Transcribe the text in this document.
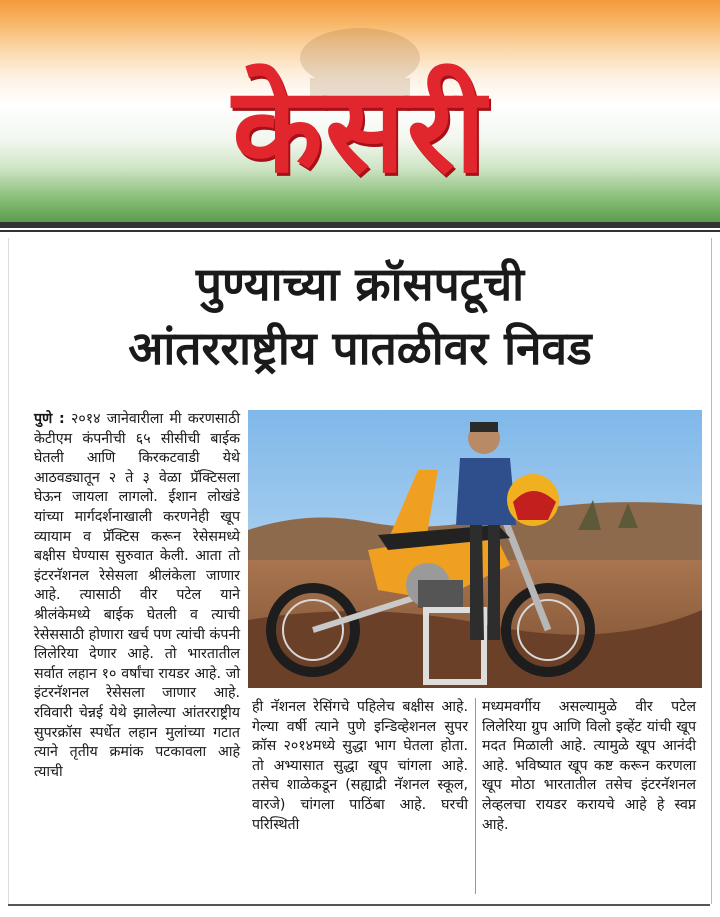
केसरी
पुण्याच्या क्रॉसपटूची
आंतरराष्ट्रीय पातळीवर निवड

पुणे : २०१४ जानेवारीला मी करणसाठी केटीएम कंपनीची ६५ सीसीची बाईक घेतली आणि किरकटवाडी येथे आठवड्यातून २ ते ३ वेळा प्रॅक्टिसला घेऊन जायला लागलो. ईशान लोखंडे यांच्या मार्गदर्शनाखाली करणनेही खूप व्यायाम व प्रॅक्टिस करून रेसेसमध्ये बक्षीस घेण्यास सुरुवात केली. आता तो इंटरनॅशनल रेसेसला श्रीलंकेला जाणार आहे. त्यासाठी वीर पटेल याने श्रीलंकेमध्ये बाईक घेतली व त्याची रेसेससाठी होणारा खर्च पण त्यांची कंपनी लिलेरिया देणार आहे. तो भारतातील सर्वात लहान १० वर्षांचा रायडर आहे. जो इंटरनॅशनल रेसेसला जाणार आहे. रविवारी चेन्नई येथे झालेल्या आंतरराष्ट्रीय सुपरक्रॉस स्पर्धेत लहान मुलांच्या गटात त्याने तृतीय क्रमांक पटकावला आहे त्याची

ही नॅशनल रेसिंगचे पहिलेच बक्षीस आहे. गेल्या वर्षी त्याने पुणे इन्डिव्हेशनल सुपर क्रॉस २०१४मध्ये सुद्धा भाग घेतला होता. तो अभ्यासात सुद्धा खूप चांगला आहे. तसेच शाळेकडून (सह्याद्री नॅशनल स्कूल, वारजे) चांगला पाठिंबा आहे. घरची परिस्थिती

मध्यमवर्गीय असल्यामुळे वीर पटेल लिलेरिया ग्रुप आणि विलो इव्हेंट यांची खूप मदत मिळाली आहे. त्यामुळे खूप आनंदी आहे. भविष्यात खूप कष्ट करून करणला खूप मोठा भारतातील तसेच इंटरनॅशनल लेव्हलचा रायडर करायचे आहे हे स्वप्न आहे.
